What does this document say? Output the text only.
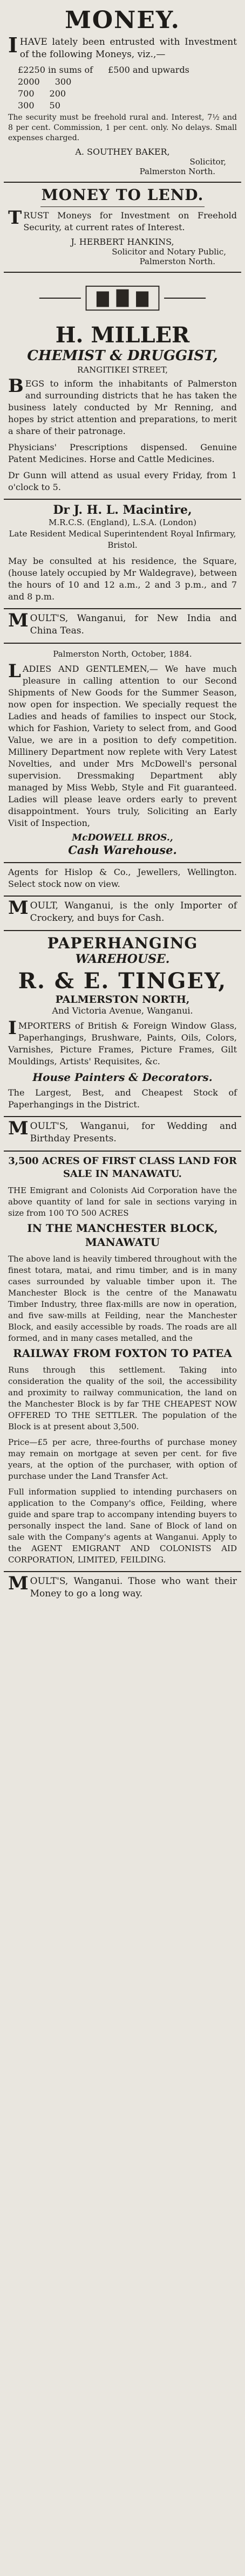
MONEY.
I HAVE lately been entrusted with Investment of the following Moneys, viz.,—
£2250 in sums of £500 and upwards
2000 300
700 200
300 50
The security must be freehold rural and. Interest, 7½ and 8 per cent. Commission, 1 per cent. only. No delays. Small expenses charged.
A. SOUTHEY BAKER,
Solicitor,
Palmerston North.
MONEY TO LEND.
T RUST Moneys for Investment on Freehold Security, at current rates of Interest.
J. HERBERT HANKINS,
Solicitor and Notary Public,
Palmerston North.
H. MILLER
CHEMIST & DRUGGIST,
RANGITIKEI STREET,
B EGS to inform the inhabitants of Palmerston and surrounding districts that he has taken the business lately conducted by Mr Renning, and hopes by strict attention and preparations, to merit a share of their patronage.
Physicians' Prescriptions dispensed. Genuine Patent Medicines. Horse and Cattle Medicines.
Dr Gunn will attend as usual every Friday, from 1 o'clock to 5.
Dr J. H. L. Macintire,
M.R.C.S. (England), L.S.A. (London)
Late Resident Medical Superintendent Royal Infirmary, Bristol.
May be consulted at his residence, the Square, (house lately occupied by Mr Waldegrave), between the hours of 10 and 12 a.m., 2 and 3 p.m., and 7 and 8 p.m.
M OULT'S, Wanganui, for New India and China Teas.
Palmerston North, October, 1884.
L ADIES AND GENTLEMEN,— We have much pleasure in calling attention to our Second Shipments of New Goods for the Summer Season, now open for inspection. We specially request the Ladies and heads of families to inspect our Stock, which for Fashion, Variety to select from, and Good Value, we are in a position to defy competition. Millinery Department now replete with Very Latest Novelties, and under Mrs McDowell's personal supervision. Dressmaking Department ably managed by Miss Webb, Style and Fit guaranteed. Ladies will please leave orders early to prevent disappointment. Yours truly, Soliciting an Early Visit of Inspection,
McDOWELL BROS.,
Cash Warehouse.
Agents for Hislop & Co., Jewellers, Wellington. Select stock now on view.
M OULT, Wanganui, is the only Importer of Crockery, and buys for Cash.
PAPERHANGING
WAREHOUSE.
R. & E. TINGEY,
PALMERSTON NORTH,
And Victoria Avenue, Wanganui.
I MPORTERS of British & Foreign Window Glass, Paperhangings, Brushware, Paints, Oils, Colors, Varnishes, Picture Frames, Picture Frames, Gilt Mouldings, Artists' Requisites, &c.
House Painters & Decorators.
The Largest, Best, and Cheapest Stock of Paperhangings in the District.
M OULT'S, Wanganui, for Wedding and Birthday Presents.
3,500 ACRES OF FIRST CLASS LAND FOR SALE IN MANAWATU.
THE Emigrant and Colonists Aid Corporation have the above quantity of land for sale in sections varying in size from 100 TO 500 ACRES
IN THE MANCHESTER BLOCK, MANAWATU
The above land is heavily timbered throughout with the finest totara, matai, and rimu timber, and is in many cases surrounded by valuable timber upon it. The Manchester Block is the centre of the Manawatu Timber Industry, three flax-mills are now in operation, and five saw-mills at Feilding, near the Manchester Block, and easily accessible by roads. The roads are all formed, and in many cases metalled, and the
RAILWAY FROM FOXTON TO PATEA
Runs through this settlement. Taking into consideration the quality of the soil, the accessibility and proximity to railway communication, the land on the Manchester Block is by far THE CHEAPEST NOW OFFERED TO THE SETTLER. The population of the Block is at present about 3,500.
Price—£5 per acre, three-fourths of purchase money may remain on mortgage at seven per cent. for five years, at the option of the purchaser, with option of purchase under the Land Transfer Act.
Full information supplied to intending purchasers on application to the Company's office, Feilding, where guide and spare trap to accompany intending buyers to personally inspect the land. Sane of Block of land on sale with the Company's agents at Wanganui. Apply to the AGENT EMIGRANT AND COLONISTS AID CORPORATION, LIMITED, FEILDING.
M OULT'S, Wanganui. Those who want their Money to go a long way.
